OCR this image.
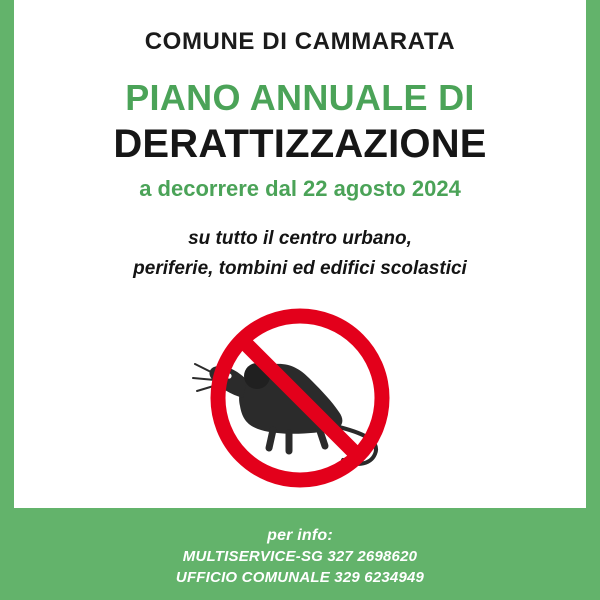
COMUNE DI CAMMARATA
PIANO ANNUALE DI
DERATTIZZAZIONE
a decorrere dal 22 agosto 2024
su tutto il centro urbano,
periferie, tombini ed edifici scolastici
per info:
MULTISERVICE-SG 327 2698620
UFFICIO COMUNALE 329 6234949
